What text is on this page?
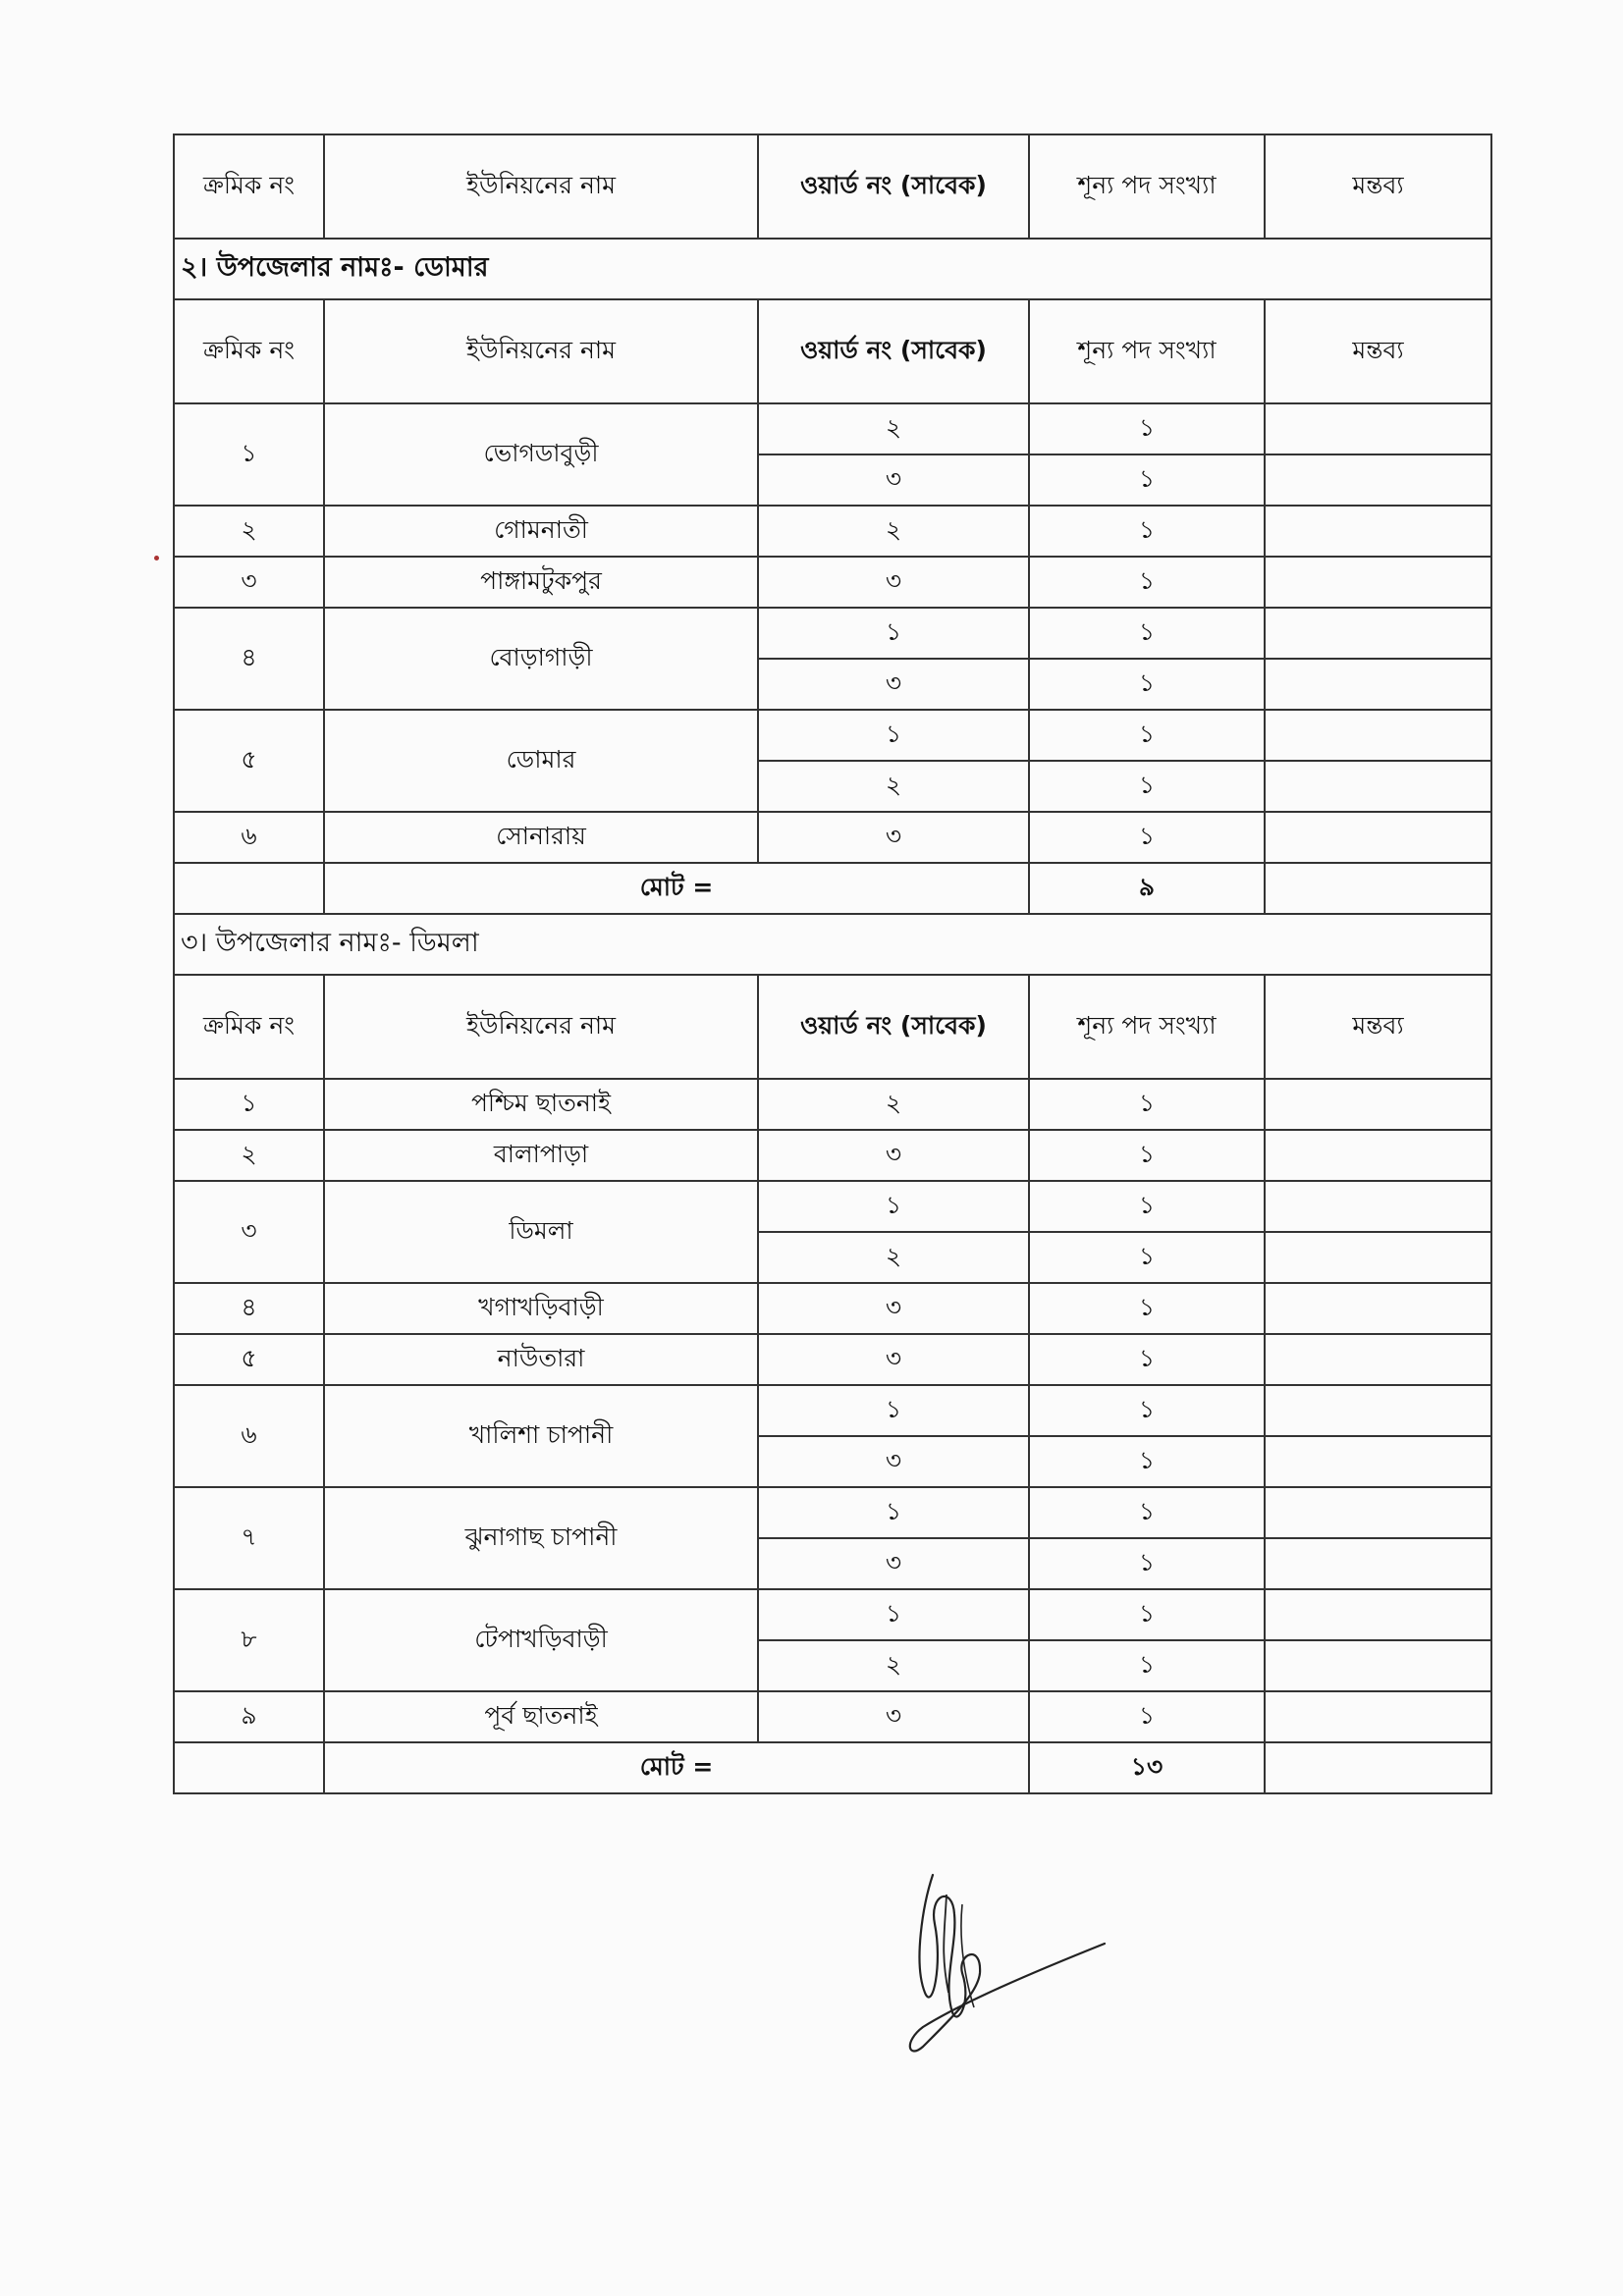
ক্রমিক নং	ইউনিয়নের নাম	ওয়ার্ড নং (সাবেক)	শূন্য পদ সংখ্যা	মন্তব্য
২। উপজেলার নামঃ- ডোমার				
ক্রমিক নং	ইউনিয়নের নাম	ওয়ার্ড নং (সাবেক)	শূন্য পদ সংখ্যা	মন্তব্য
১	ভোগডাবুড়ী	২	১	
		৩	১	
২	গোমনাতী	২	১	
৩	পাঙ্গামটুকপুর	৩	১	
৪	বোড়াগাড়ী	১	১	
		৩	১	
৫	ডোমার	১	১	
		২	১	
৬	সোনারায়	৩	১	
	মোট =		৯	
৩। উপজেলার নামঃ- ডিমলা				
ক্রমিক নং	ইউনিয়নের নাম	ওয়ার্ড নং (সাবেক)	শূন্য পদ সংখ্যা	মন্তব্য
১	পশ্চিম ছাতনাই	২	১	
২	বালাপাড়া	৩	১	
৩	ডিমলা	১	১	
		২	১	
৪	খগাখড়িবাড়ী	৩	১	
৫	নাউতারা	৩	১	
৬	খালিশা চাপানী	১	১	
		৩	১	
৭	ঝুনাগাছ চাপানী	১	১	
		৩	১	
৮	টেপাখড়িবাড়ী	১	১	
		২	১	
৯	পূর্ব ছাতনাই	৩	১	
	মোট =		১৩	
